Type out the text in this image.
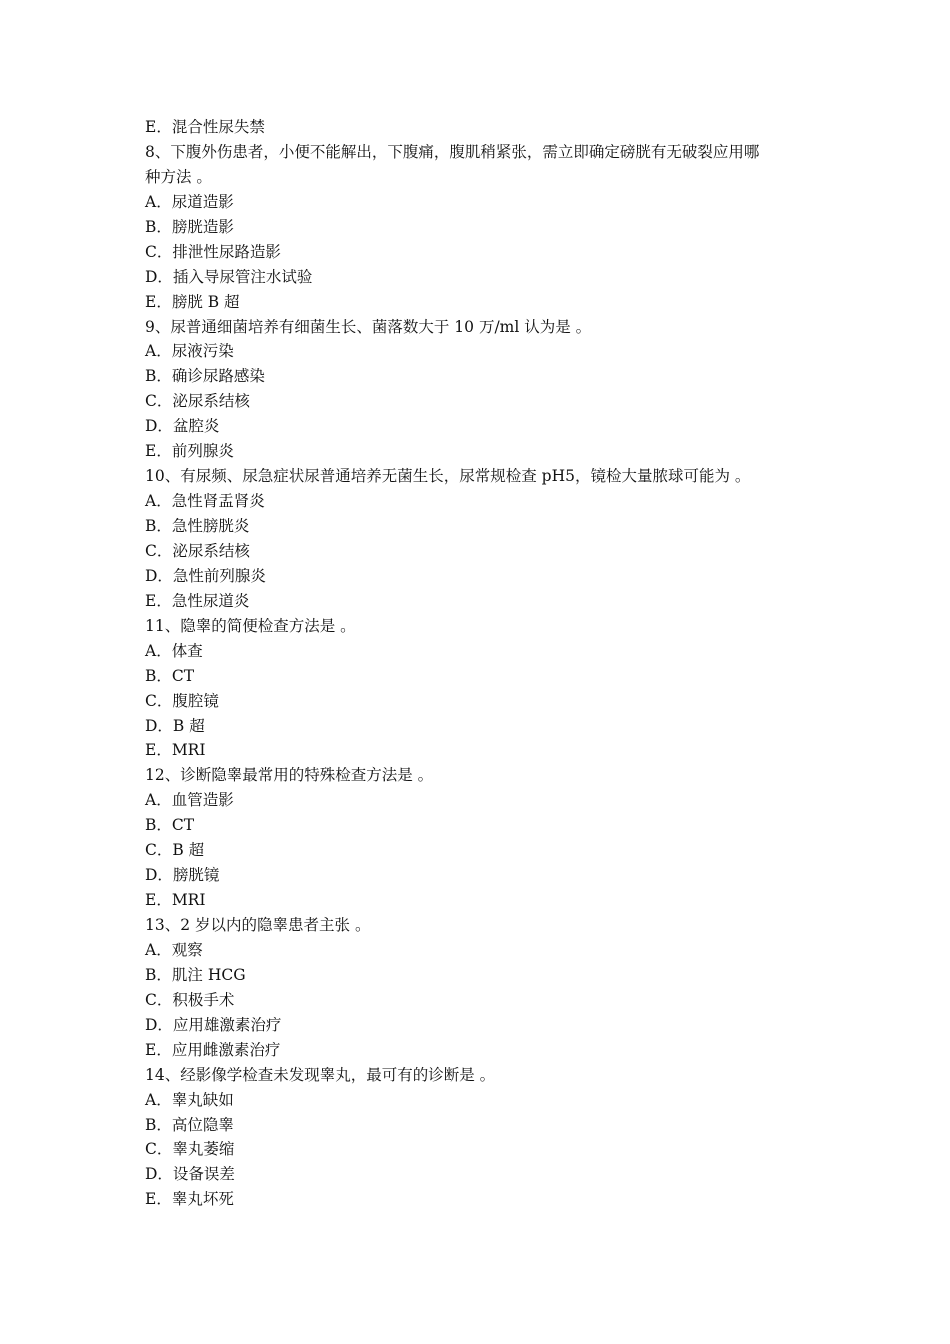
E．混合性尿失禁
8、下腹外伤患者，小便不能解出，下腹痛，腹肌稍紧张，需立即确定磅胱有无破裂应用哪
种方法 。
A．尿道造影
B．膀胱造影
C．排泄性尿路造影
D．插入导尿管注水试验
E．膀胱 B 超
9、尿普通细菌培养有细菌生长、菌落数大于 10 万/ml 认为是 。
A．尿液污染
B．确诊尿路感染
C．泌尿系结核
D．盆腔炎
E．前列腺炎
10、有尿频、尿急症状尿普通培养无菌生长，尿常规检查 pH5，镜检大量脓球可能为 。
A．急性肾盂肾炎
B．急性膀胱炎
C．泌尿系结核
D．急性前列腺炎
E．急性尿道炎
11、隐睾的简便检查方法是 。
A．体查
B．CT
C．腹腔镜
D．B 超
E．MRI
12、诊断隐睾最常用的特殊检查方法是 。
A．血管造影
B．CT
C．B 超
D．膀胱镜
E．MRI
13、2 岁以内的隐睾患者主张 。
A．观察
B．肌注 HCG
C．积极手术
D．应用雄激素治疗
E．应用雌激素治疗
14、经影像学检查未发现睾丸，最可有的诊断是 。
A．睾丸缺如
B．高位隐睾
C．睾丸萎缩
D．设备误差
E．睾丸坏死
